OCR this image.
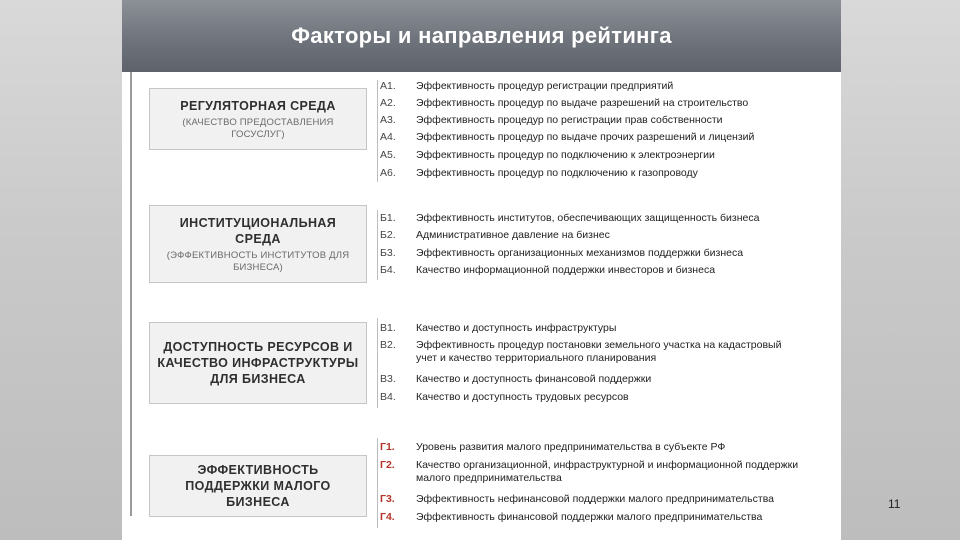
Факторы и направления рейтинга
РЕГУЛЯТОРНАЯ СРЕДА
(КАЧЕСТВО ПРЕДОСТАВЛЕНИЯ ГОСУСЛУГ)
А1.	Эффективность процедур регистрации предприятий
А2.	Эффективность процедур по выдаче разрешений на строительство
А3.	Эффективность процедур по регистрации прав собственности
А4.	Эффективность процедур по выдаче прочих разрешений и лицензий
А5.	Эффективность процедур по подключению к электроэнергии
А6.	Эффективность процедур по подключению к газопроводу
ИНСТИТУЦИОНАЛЬНАЯ СРЕДА
(ЭФФЕКТИВНОСТЬ ИНСТИТУТОВ ДЛЯ БИЗНЕСА)
Б1.	Эффективность институтов, обеспечивающих защищенность бизнеса
Б2.	Административное давление на бизнес
Б3.	Эффективность организационных механизмов поддержки бизнеса
Б4.	Качество информационной поддержки инвесторов и бизнеса
ДОСТУПНОСТЬ РЕСУРСОВ И КАЧЕСТВО ИНФРАСТРУКТУРЫ ДЛЯ БИЗНЕСА
В1.	Качество и доступность инфраструктуры
В2.	Эффективность процедур постановки земельного участка на кадастровый учет и качество территориального планирования
В3.	Качество и доступность финансовой поддержки
В4.	Качество и доступность трудовых ресурсов
ЭФФЕКТИВНОСТЬ ПОДДЕРЖКИ МАЛОГО БИЗНЕСА
Г1.	Уровень развития малого предпринимательства в субъекте РФ
Г2.	Качество организационной, инфраструктурной и информационной поддержки малого предпринимательства
Г3.	Эффективность нефинансовой поддержки малого предпринимательства
Г4.	Эффективность финансовой поддержки малого предпринимательства
11
